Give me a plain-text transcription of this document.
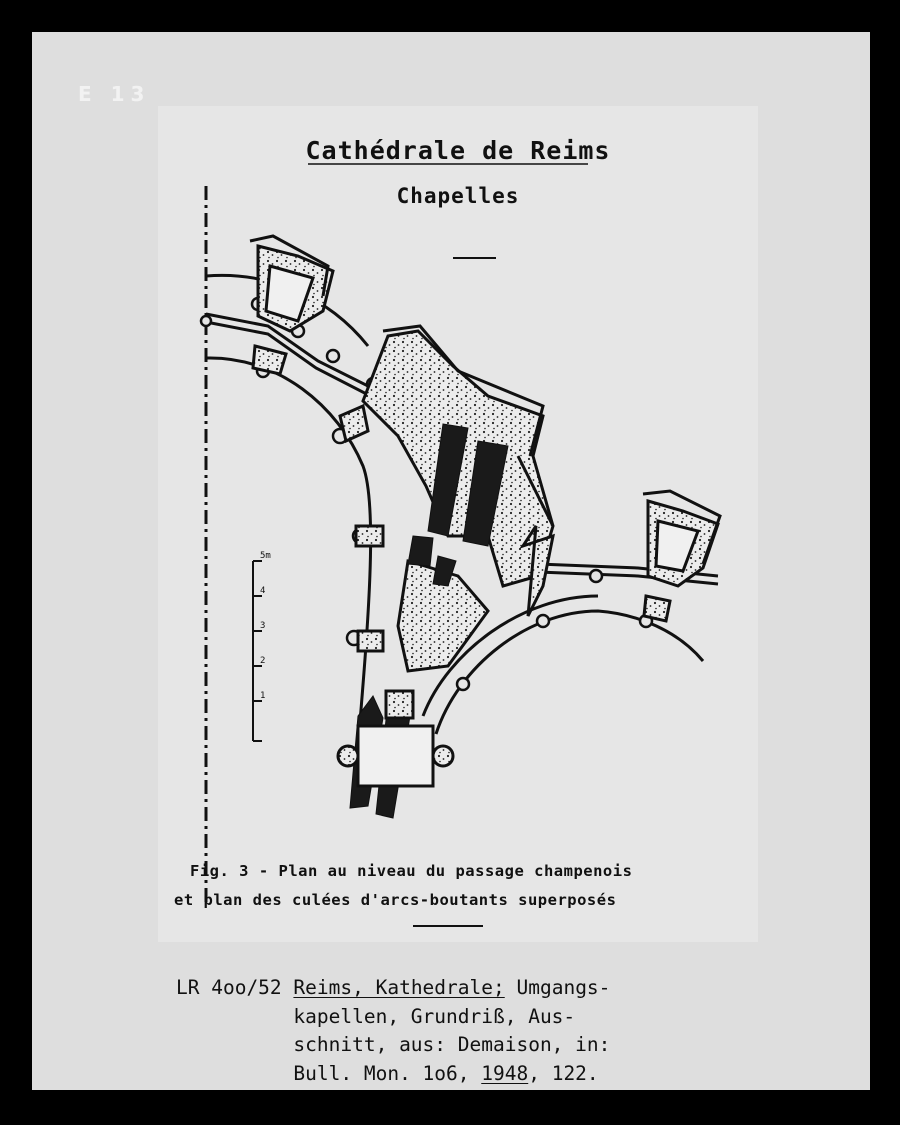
E 13
5m
4
3
2
1
Cathédrale de Reims
Chapelles
Fig. 3 - Plan au niveau du passage champenois
et plan des culées d'arcs-boutants superposés
LR 4oo/52 Reims, Kathedrale; Umgangs-
kapellen, Grundriß, Aus-
schnitt, aus: Demaison, in:
Bull. Mon. 1o6, 1948, 122.
